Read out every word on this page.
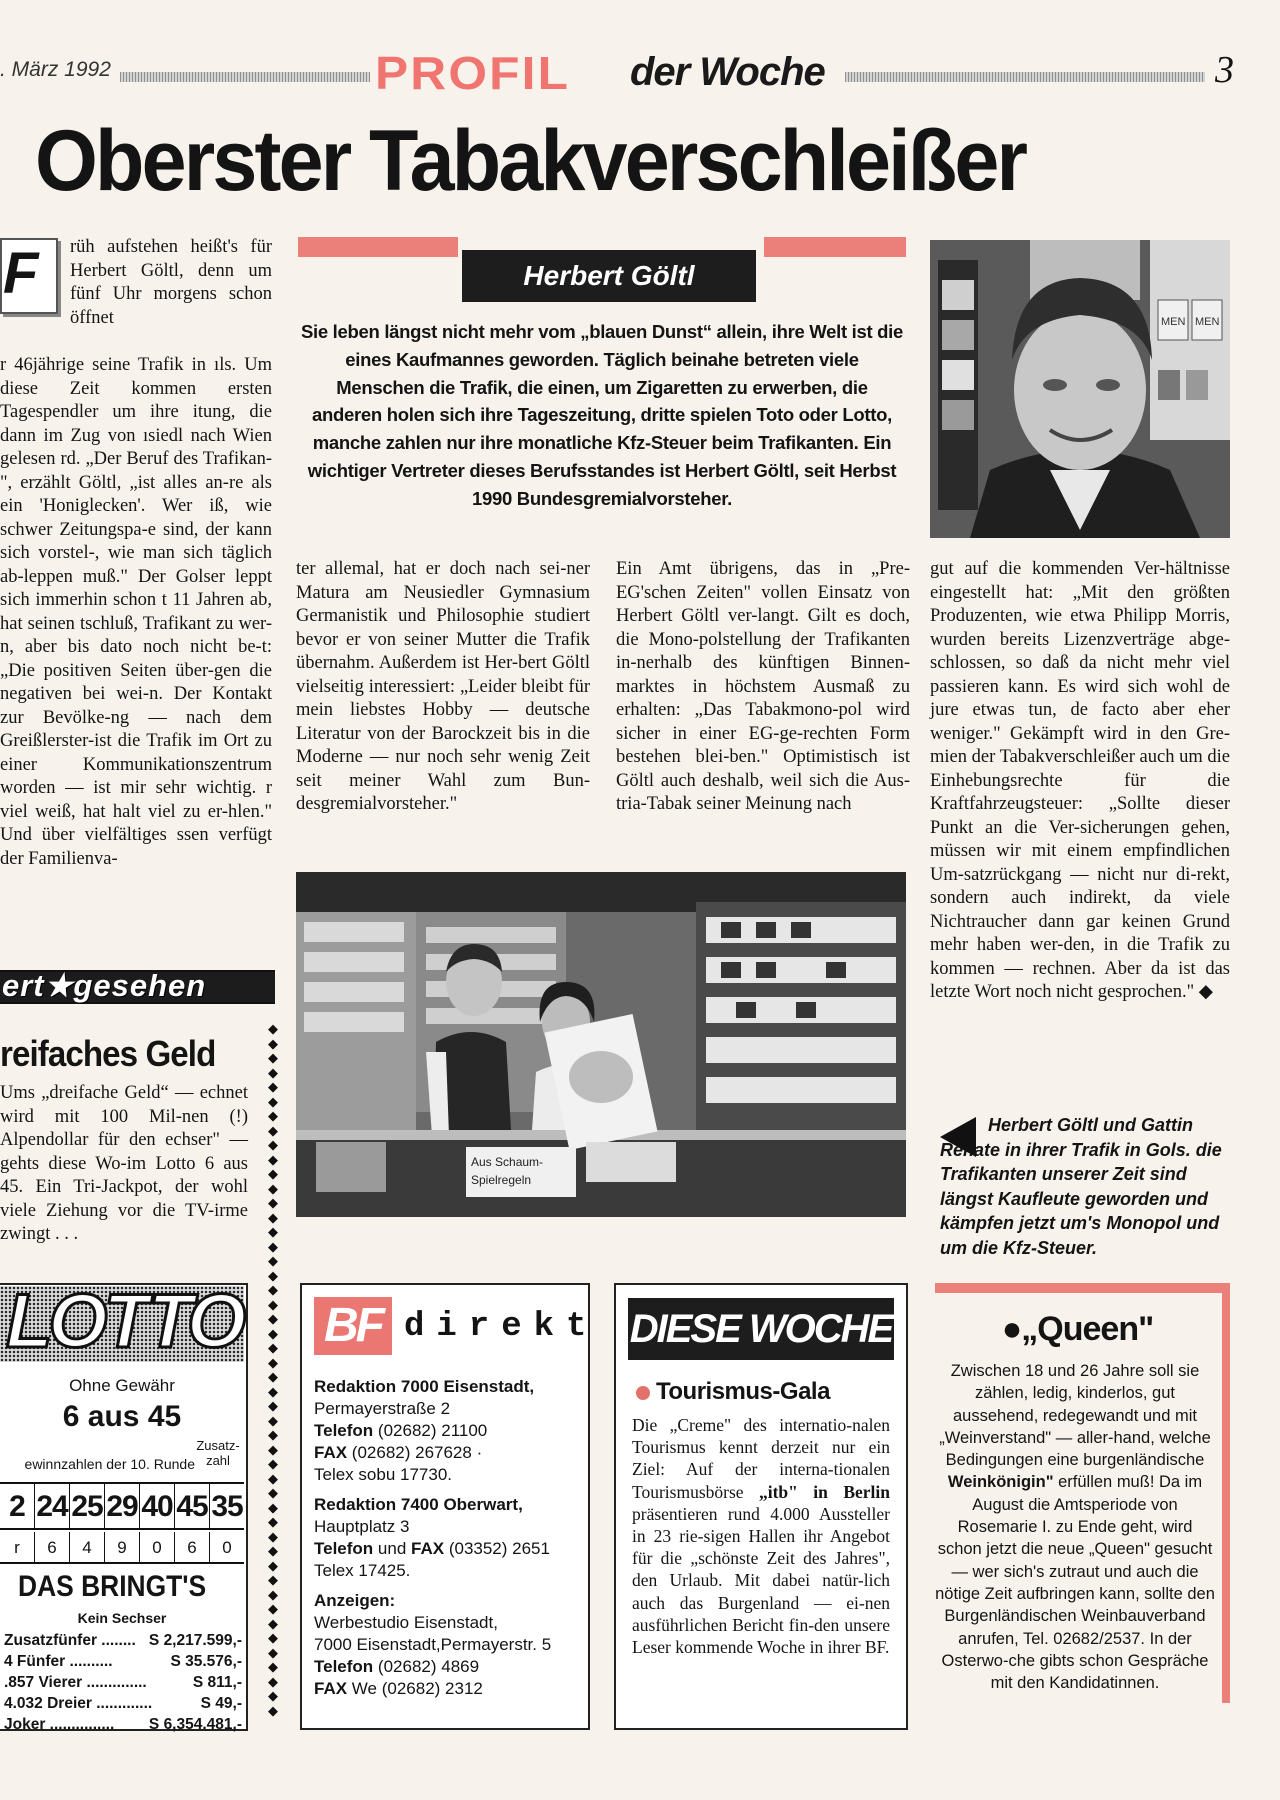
. März 1992	PROFIL der Woche	3
Oberster Tabakverschleißer
F rüh aufstehen heißt's für Herbert Göltl, denn um fünf Uhr morgens schon öffnet
r 46jährige seine Trafik in ıls. Um diese Zeit kommen ersten Tagespendler um ihre itung, die dann im Zug von ısiedl nach Wien gelesen rd. „Der Beruf des Trafikan-", erzählt Göltl, „ist alles an-re als ein 'Honiglecken'. Wer iß, wie schwer Zeitungspa-e sind, der kann sich vorstel-, wie man sich täglich ab-leppen muß." Der Golser leppt sich immerhin schon t 11 Jahren ab, hat seinen tschluß, Trafikant zu wer-n, aber bis dato noch nicht be-t: „Die positiven Seiten über-gen die negativen bei wei-n. Der Kontakt zur Bevölke-ng — nach dem Greißlerster-ist die Trafik im Ort zu einer Kommunikationszentrum worden — ist mir sehr wichtig. r viel weiß, hat halt viel zu er-hlen." Und über vielfältiges ssen verfügt der Familienva-
ert★gesehen
reifaches Geld
Ums „dreifache Geld“ — echnet wird mit 100 Mil-nen (!) Alpendollar für den echser" — gehts diese Wo-im Lotto 6 aus 45. Ein Tri-Jackpot, der wohl viele Ziehung vor die TV-irme zwingt . . .
◆
◆
◆
◆
◆
◆
◆
◆
◆
◆
◆
◆
◆
◆
◆
◆
◆
◆
◆
◆
◆
◆
◆
◆
◆
◆
◆
◆
◆
◆
◆
◆
◆
◆
◆
◆
◆
◆
◆
◆
◆
◆
◆
◆
◆
◆
◆
◆

LOTTO
Ohne Gewähr
6 aus 45
Zusatz-zahl
ewinnzahlen der 10. Runde
2 24 25 29 40 45 35
r	6	4	9	0	6	0
DAS BRINGT'S
Kein Sechser
Zusatzfünfer ........ S 2,217.599,-
4 Fünfer ..........	S 35.576,-
.857 Vierer ..............	S 811,-
4.032 Dreier .............	S 49,-
Joker ............... S 6,354.481,-
Herbert Göltl
Sie leben längst nicht mehr vom „blauen Dunst“ allein, ihre Welt ist die eines Kaufmannes geworden. Täglich beinahe betreten viele Menschen die Trafik, die einen, um Zigaretten zu erwerben, die anderen holen sich ihre Tageszeitung, dritte spielen Toto oder Lotto, manche zahlen nur ihre monatliche Kfz-Steuer beim Trafikanten. Ein wichtiger Vertreter dieses Berufsstandes ist Herbert Göltl, seit Herbst 1990 Bundesgremialvorsteher.
MEN MEN
ter allemal, hat er doch nach sei-ner Matura am Neusiedler Gymnasium Germanistik und Philosophie studiert bevor er von seiner Mutter die Trafik übernahm. Außerdem ist Her-bert Göltl vielseitig interessiert: „Leider bleibt für mein liebstes Hobby — deutsche Literatur von der Barockzeit bis in die Moderne — nur noch sehr wenig Zeit seit meiner Wahl zum Bun-desgremialvorsteher."
Ein Amt übrigens, das in „Pre-EG'schen Zeiten" vollen Einsatz von Herbert Göltl ver-langt. Gilt es doch, die Mono-polstellung der Trafikanten in-nerhalb des künftigen Binnen-marktes in höchstem Ausmaß zu erhalten: „Das Tabakmono-pol wird sicher in einer EG-ge-rechten Form bestehen blei-ben." Optimistisch ist Göltl auch deshalb, weil sich die Aus-tria-Tabak seiner Meinung nach
gut auf die kommenden Ver-hältnisse eingestellt hat: „Mit den größten Produzenten, wie etwa Philipp Morris, wurden bereits Lizenzverträge abge-schlossen, so daß da nicht mehr viel passieren kann. Es wird sich wohl de jure etwas tun, de facto aber eher weniger." Gekämpft wird in den Gre-mien der Tabakverschleißer auch um die Einhebungsrechte für die Kraftfahrzeugsteuer: „Sollte dieser Punkt an die Ver-sicherungen gehen, müssen wir mit einem empfindlichen Um-satzrückgang — nicht nur di-rekt, sondern auch indirekt, da viele Nichtraucher dann gar keinen Grund mehr haben wer-den, in die Trafik zu kommen — rechnen. Aber da ist das letzte Wort noch nicht gesprochen." ◆
Aus Schaum-
Spielregeln
Herbert Göltl und Gattin Renate in ihrer Trafik in Gols. die Trafikanten unserer Zeit sind längst Kaufleute geworden und kämpfen jetzt um's Monopol und um die Kfz-Steuer.
BF direkt
Redaktion 7000 Eisenstadt,
Permayerstraße 2
Telefon (02682) 21100
FAX (02682) 267628 ·
Telex sobu 17730.
Redaktion 7400 Oberwart,
Hauptplatz 3
Telefon und FAX (03352) 2651
Telex 17425.
Anzeigen:
Werbestudio Eisenstadt,
7000 Eisenstadt,Permayerstr. 5
Telefon (02682) 4869
FAX We (02682) 2312
DIESE WOCHE
Tourismus-Gala
Die „Creme" des internatio-nalen Tourismus kennt derzeit nur ein Ziel: Auf der interna-tionalen Tourismusbörse „itb" in Berlin präsentieren rund 4.000 Aussteller in 23 rie-sigen Hallen ihr Angebot für die „schönste Zeit des Jahres", den Urlaub. Mit dabei natür-lich auch das Burgenland — ei-nen ausführlichen Bericht fin-den unsere Leser kommende Woche in ihrer BF.
●„Queen"
Zwischen 18 und 26 Jahre soll sie zählen, ledig, kinderlos, gut aussehend, redegewandt und mit „Weinverstand" — aller-hand, welche Bedingungen eine burgenländische Weinkönigin" erfüllen muß! Da im August die Amtsperiode von Rosemarie I. zu Ende geht, wird schon jetzt die neue „Queen" gesucht — wer sich's zutraut und auch die nötige Zeit aufbringen kann, sollte den Burgenländischen Weinbauverband anrufen, Tel. 02682/2537. In der Osterwo-che gibts schon Gespräche mit den Kandidatinnen.
